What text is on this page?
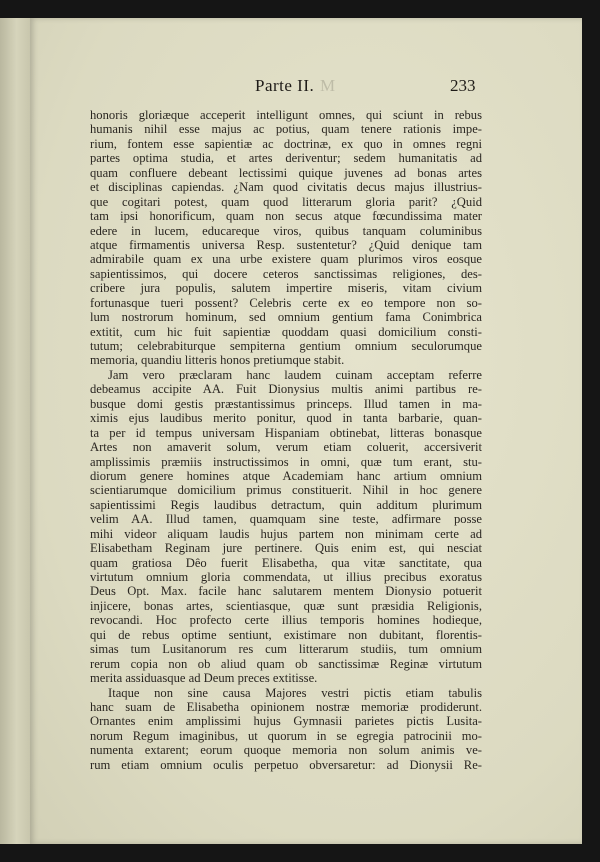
Parte II. M	233
honoris gloriæque acceperit intelligunt omnes, qui sciunt in rebus
humanis nihil esse majus ac potius, quam tenere rationis impe-
rium, fontem esse sapientiæ ac doctrinæ, ex quo in omnes regni
partes optima studia, et artes deriventur; sedem humanitatis ad
quam confluere debeant lectissimi quique juvenes ad bonas artes
et disciplinas capiendas. ¿Nam quod civitatis decus majus illustrius-
que cogitari potest, quam quod litterarum gloria parit? ¿Quid
tam ipsi honorificum, quam non secus atque fœcundissima mater
edere in lucem, educareque viros, quibus tanquam columinibus
atque firmamentis universa Resp. sustentetur? ¿Quid denique tam
admirabile quam ex una urbe existere quam plurimos viros eosque
sapientissimos, qui docere ceteros sanctissimas religiones, des-
cribere jura populis, salutem impertire miseris, vitam civium
fortunasque tueri possent? Celebris certe ex eo tempore non so-
lum nostrorum hominum, sed omnium gentium fama Conimbrica
extitit, cum hic fuit sapientiæ quoddam quasi domicilium consti-
tutum; celebrabiturque sempiterna gentium omnium seculorumque
memoria, quandiu litteris honos pretiumque stabit.
Jam vero præclaram hanc laudem cuinam acceptam referre
debeamus accipite AA. Fuit Dionysius multis animi partibus re-
busque domi gestis præstantissimus princeps. Illud tamen in ma-
ximis ejus laudibus merito ponitur, quod in tanta barbarie, quan-
ta per id tempus universam Hispaniam obtinebat, litteras bonasque
Artes non amaverit solum, verum etiam coluerit, accersiverit
amplissimis præmiis instructissimos in omni, quæ tum erant, stu-
diorum genere homines atque Academiam hanc artium omnium
scientiarumque domicilium primus constituerit. Nihil in hoc genere
sapientissimi Regis laudibus detractum, quin additum plurimum
velim AA. Illud tamen, quamquam sine teste, adfirmare posse
mihi videor aliquam laudis hujus partem non minimam certe ad
Elisabetham Reginam jure pertinere. Quis enim est, qui nesciat
quam gratiosa Dêo fuerit Elisabetha, qua vitæ sanctitate, qua
virtutum omnium gloria commendata, ut illius precibus exoratus
Deus Opt. Max. facile hanc salutarem mentem Dionysio potuerit
injicere, bonas artes, scientiasque, quæ sunt præsidia Religionis,
revocandi. Hoc profecto certe illius temporis homines hodieque,
qui de rebus optime sentiunt, existimare non dubitant, florentis-
simas tum Lusitanorum res cum litterarum studiis, tum omnium
rerum copia non ob aliud quam ob sanctissimæ Reginæ virtutum
merita assiduasque ad Deum preces extitisse.
Itaque non sine causa Majores vestri pictis etiam tabulis
hanc suam de Elisabetha opinionem nostræ memoriæ prodiderunt.
Ornantes enim amplissimi hujus Gymnasii parietes pictis Lusita-
norum Regum imaginibus, ut quorum in se egregia patrocinii mo-
numenta extarent; eorum quoque memoria non solum animis ve-
rum etiam omnium oculis perpetuo obversaretur: ad Dionysii Re-
